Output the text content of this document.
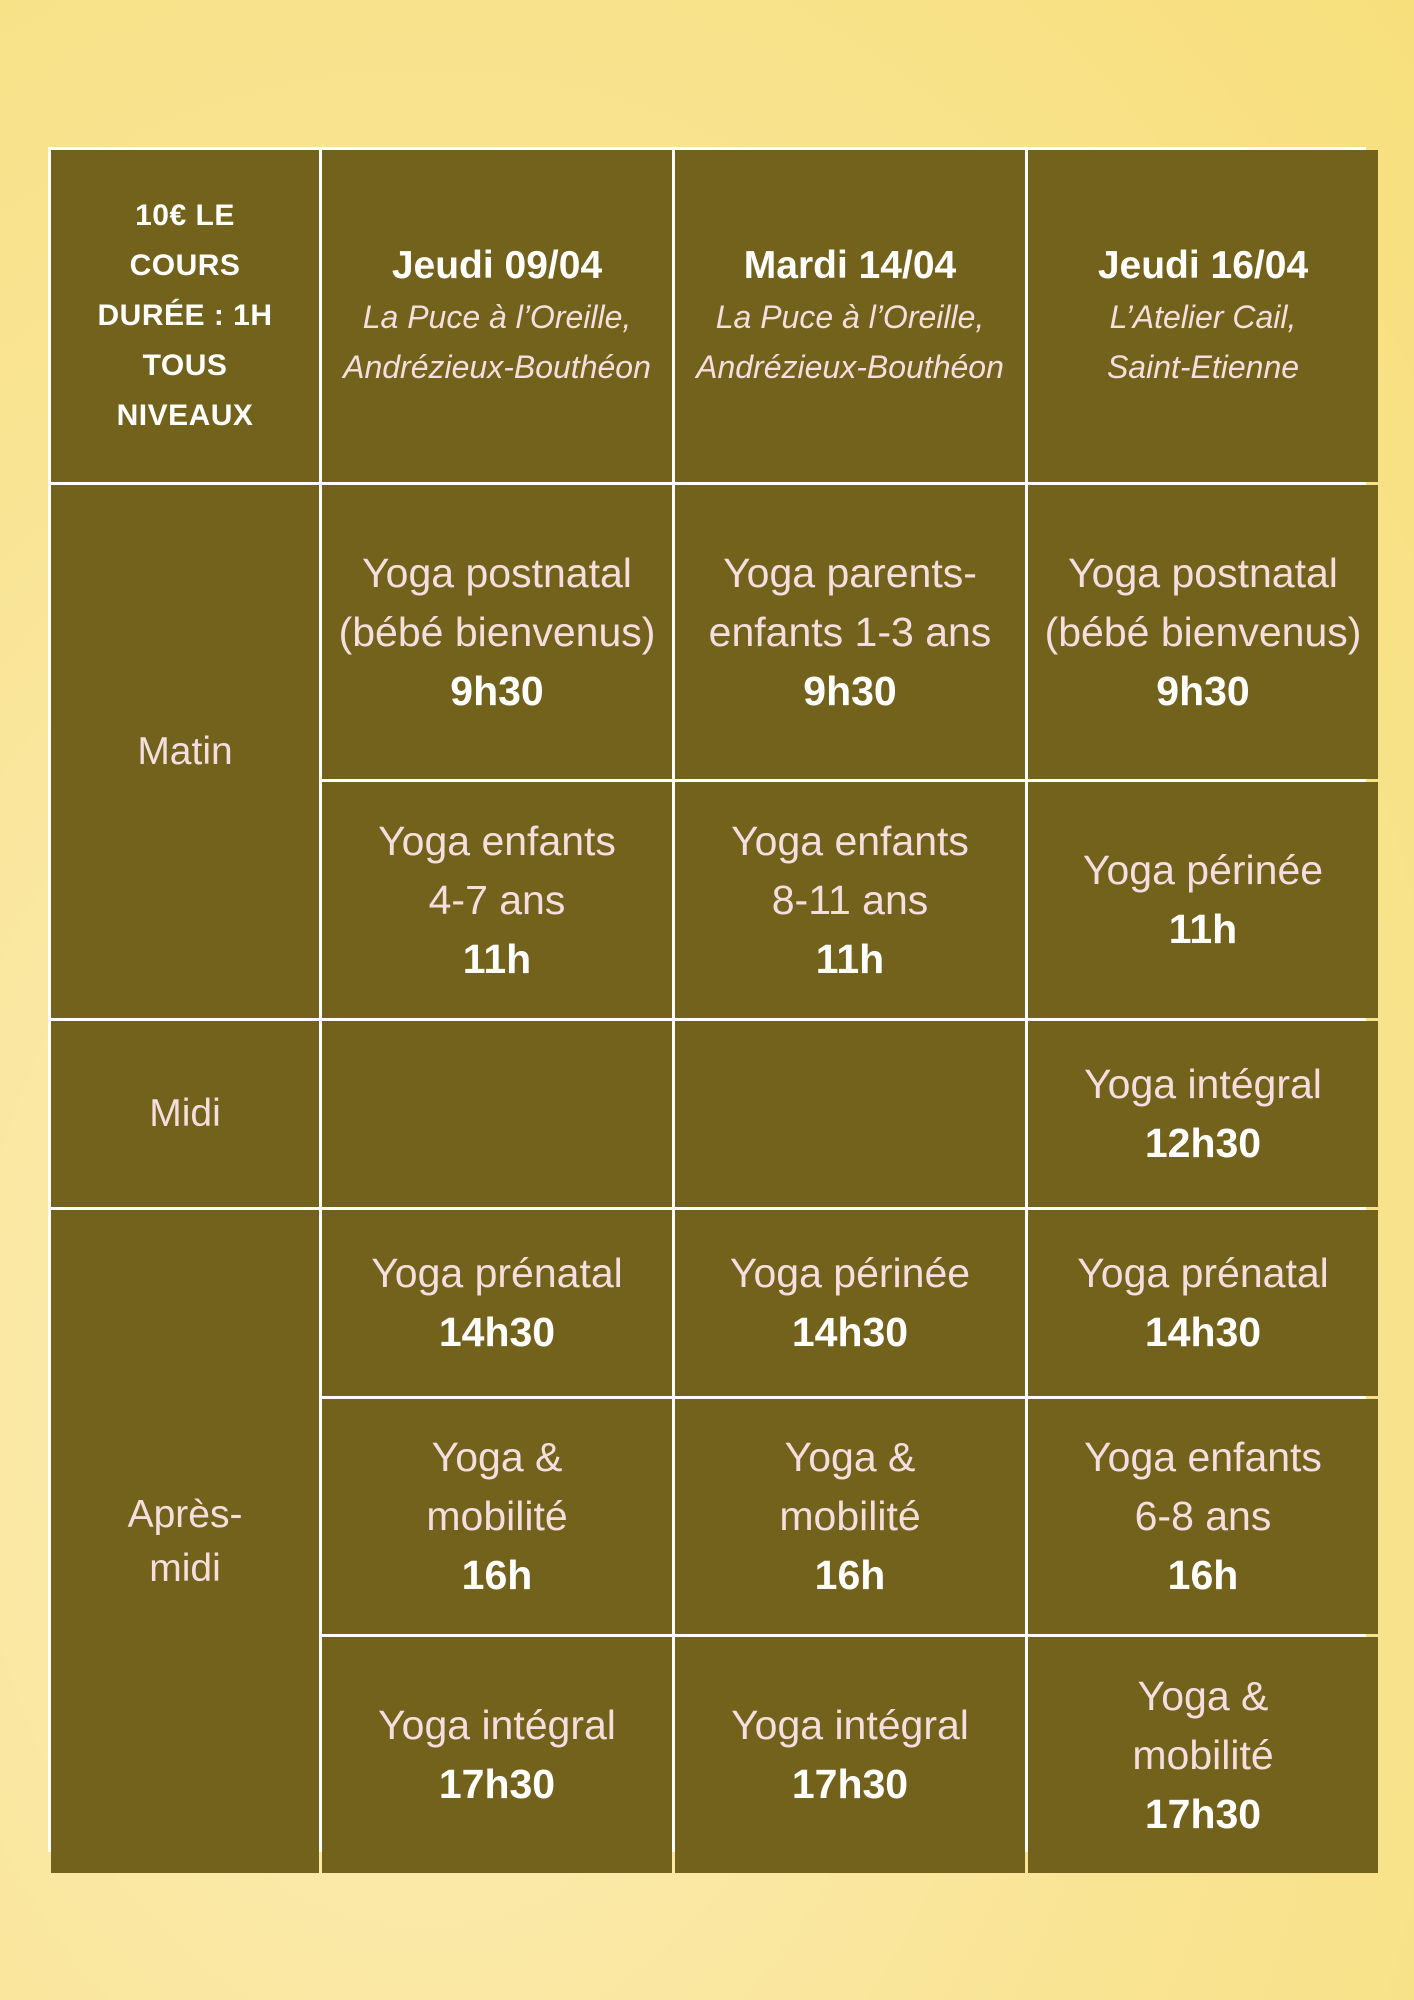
10€ LE
COURS
DURÉE : 1H
TOUS
NIVEAUX
Jeudi 09/04
La Puce à l’Oreille, Andrézieux-Bouthéon
Mardi 14/04
La Puce à l’Oreille, Andrézieux-Bouthéon
Jeudi 16/04
L’Atelier Cail, Saint-Etienne
Matin
Midi
Après-midi
Yoga postnatal (bébé bienvenus)
9h30
Yoga parents-enfants 1-3 ans
9h30
Yoga postnatal (bébé bienvenus)
9h30
Yoga enfants 4-7 ans
11h
Yoga enfants 8-11 ans
11h
Yoga périnée
11h
Yoga intégral
12h30
Yoga prénatal
14h30
Yoga périnée
14h30
Yoga prénatal
14h30
Yoga & mobilité
16h
Yoga & mobilité
16h
Yoga enfants 6-8 ans
16h
Yoga intégral
17h30
Yoga intégral
17h30
Yoga & mobilité
17h30
